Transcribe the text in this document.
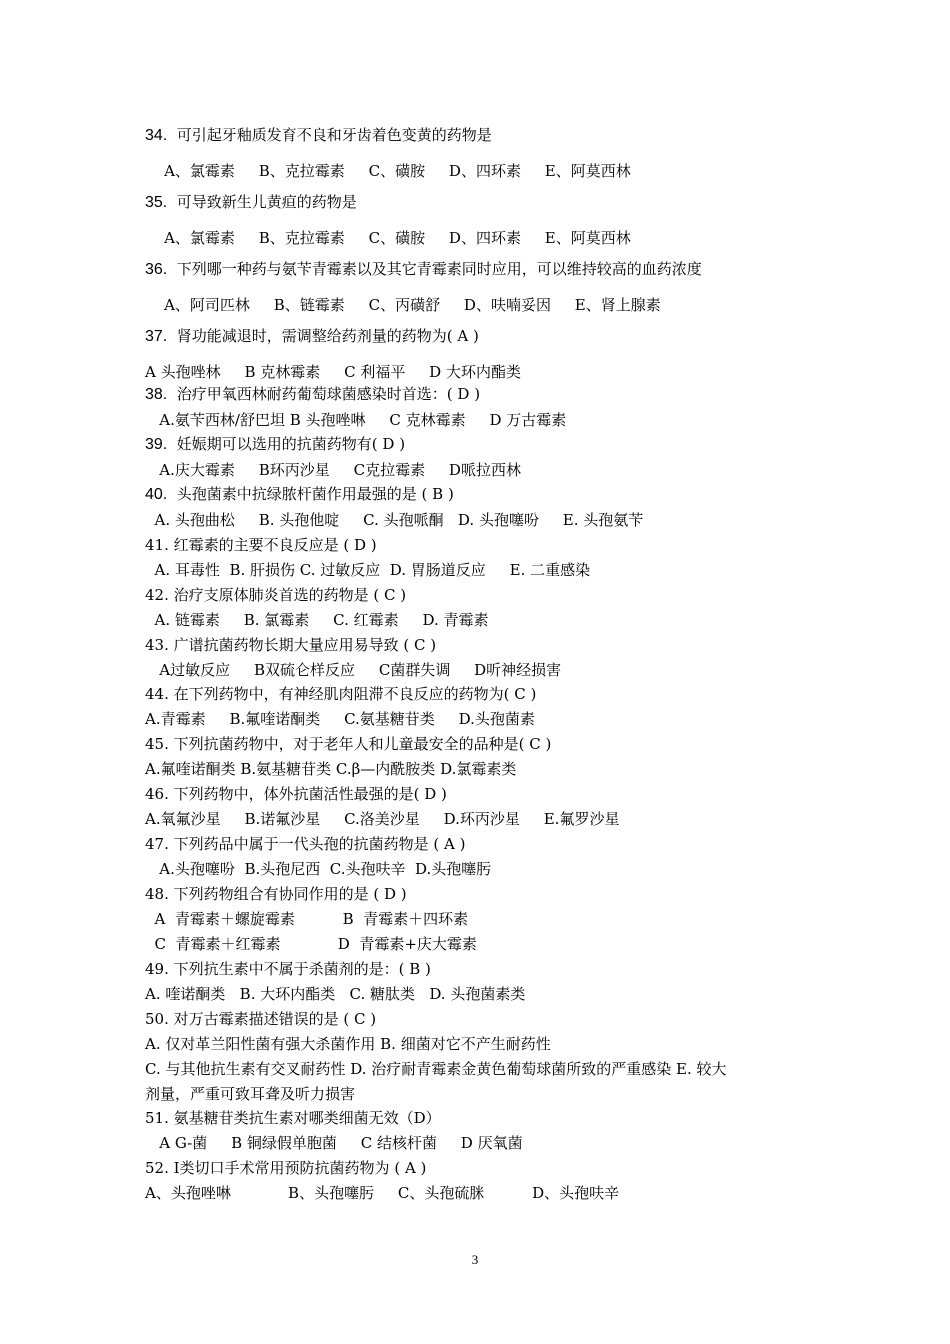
34.  可引起牙釉质发育不良和牙齿着色变黄的药物是
A、氯霉素     B、克拉霉素     C、磺胺     D、四环素     E、阿莫西林
35.  可导致新生儿黄疸的药物是
A、氯霉素     B、克拉霉素     C、磺胺     D、四环素     E、阿莫西林
36.  下列哪一种药与氨苄青霉素以及其它青霉素同时应用，可以维持较高的血药浓度
A、阿司匹林     B、链霉素     C、丙磺舒     D、呋喃妥因     E、肾上腺素
37.  肾功能减退时，需调整给药剂量的药物为( A )
A 头孢唑林     B 克林霉素     C 利福平     D 大环内酯类
38.  治疗甲氧西林耐药葡萄球菌感染时首选：( D )
A.氨苄西林/舒巴坦 B 头孢唑啉     C 克林霉素     D 万古霉素
39.  妊娠期可以选用的抗菌药物有( D )
A.庆大霉素     B环丙沙星     C克拉霉素     D哌拉西林
40.  头孢菌素中抗绿脓杆菌作用最强的是 ( B )
A. 头孢曲松     B. 头孢他啶     C. 头孢哌酮   D. 头孢噻吩     E. 头孢氨苄
41. 红霉素的主要不良反应是 ( D )
A. 耳毒性  B. 肝损伤 C. 过敏反应  D. 胃肠道反应     E. 二重感染
42. 治疗支原体肺炎首选的药物是 ( C )
A. 链霉素     B. 氯霉素     C. 红霉素     D. 青霉素
43. 广谱抗菌药物长期大量应用易导致 ( C )
A过敏反应     B双硫仑样反应     C菌群失调     D听神经损害
44. 在下列药物中，有神经肌肉阻滞不良反应的药物为( C )
A.青霉素     B.氟喹诺酮类     C.氨基糖苷类     D.头孢菌素
45. 下列抗菌药物中，对于老年人和儿童最安全的品种是( C )
A.氟喹诺酮类 B.氨基糖苷类 C.β—内酰胺类 D.氯霉素类
46. 下列药物中，体外抗菌活性最强的是( D )
A.氧氟沙星     B.诺氟沙星     C.洛美沙星     D.环丙沙星     E.氟罗沙星
47. 下列药品中属于一代头孢的抗菌药物是 ( A )
A.头孢噻吩  B.头孢尼西  C.头孢呋辛  D.头孢噻肟
48. 下列药物组合有协同作用的是 ( D )
A  青霉素＋螺旋霉素          B  青霉素＋四环素
C  青霉素＋红霉素            D  青霉素+庆大霉素
49. 下列抗生素中不属于杀菌剂的是：( B )
A. 喹诺酮类   B. 大环内酯类   C. 糖肽类   D. 头孢菌素类
50. 对万古霉素描述错误的是 ( C )
A. 仅对革兰阳性菌有强大杀菌作用 B. 细菌对它不产生耐药性
C. 与其他抗生素有交叉耐药性 D. 治疗耐青霉素金黄色葡萄球菌所致的严重感染 E. 较大
剂量，严重可致耳聋及听力损害
51. 氨基糖苷类抗生素对哪类细菌无效（D）
A G-菌     B 铜绿假单胞菌     C 结核杆菌     D 厌氧菌
52. I类切口手术常用预防抗菌药物为 ( A )
A、头孢唑啉            B、头孢噻肟     C、头孢硫脒          D、头孢呋辛
3
